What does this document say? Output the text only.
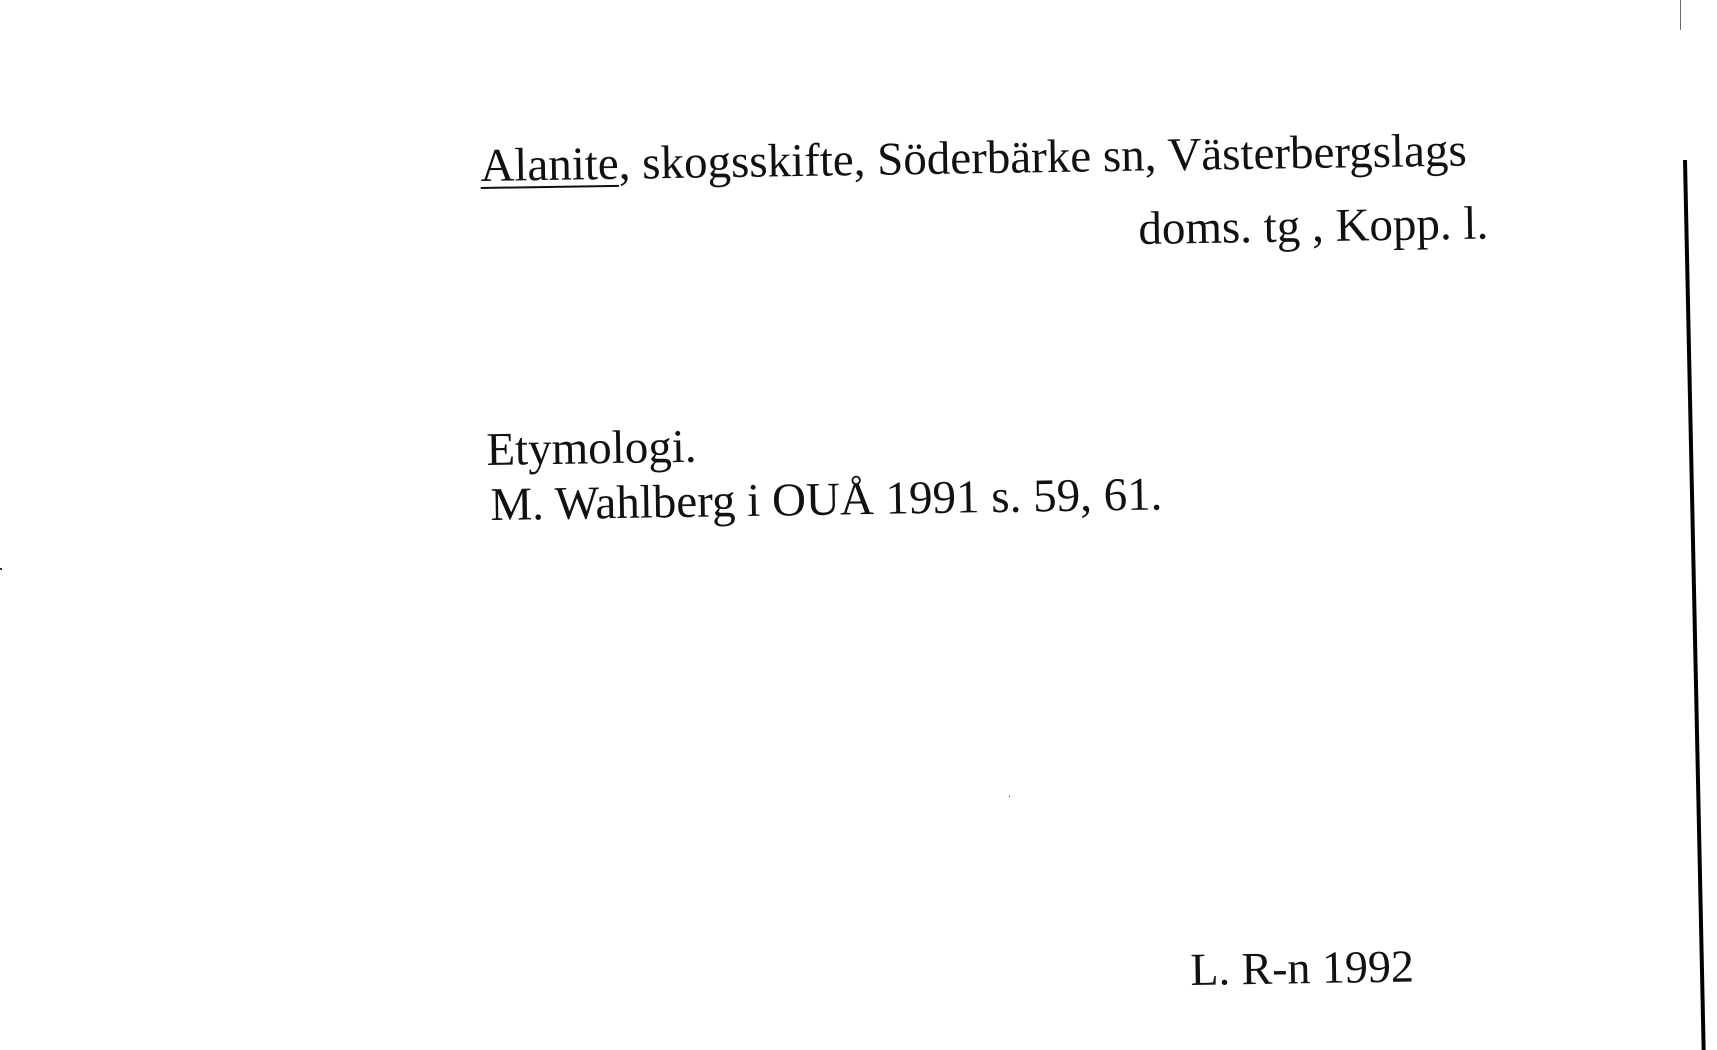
Alanite, skogsskifte, Söderbärke sn, Västerbergslags
doms. tg , Kopp. l.
Etymologi.
M. Wahlberg i OUÅ 1991 s. 59, 61.
L. R-n 1992
